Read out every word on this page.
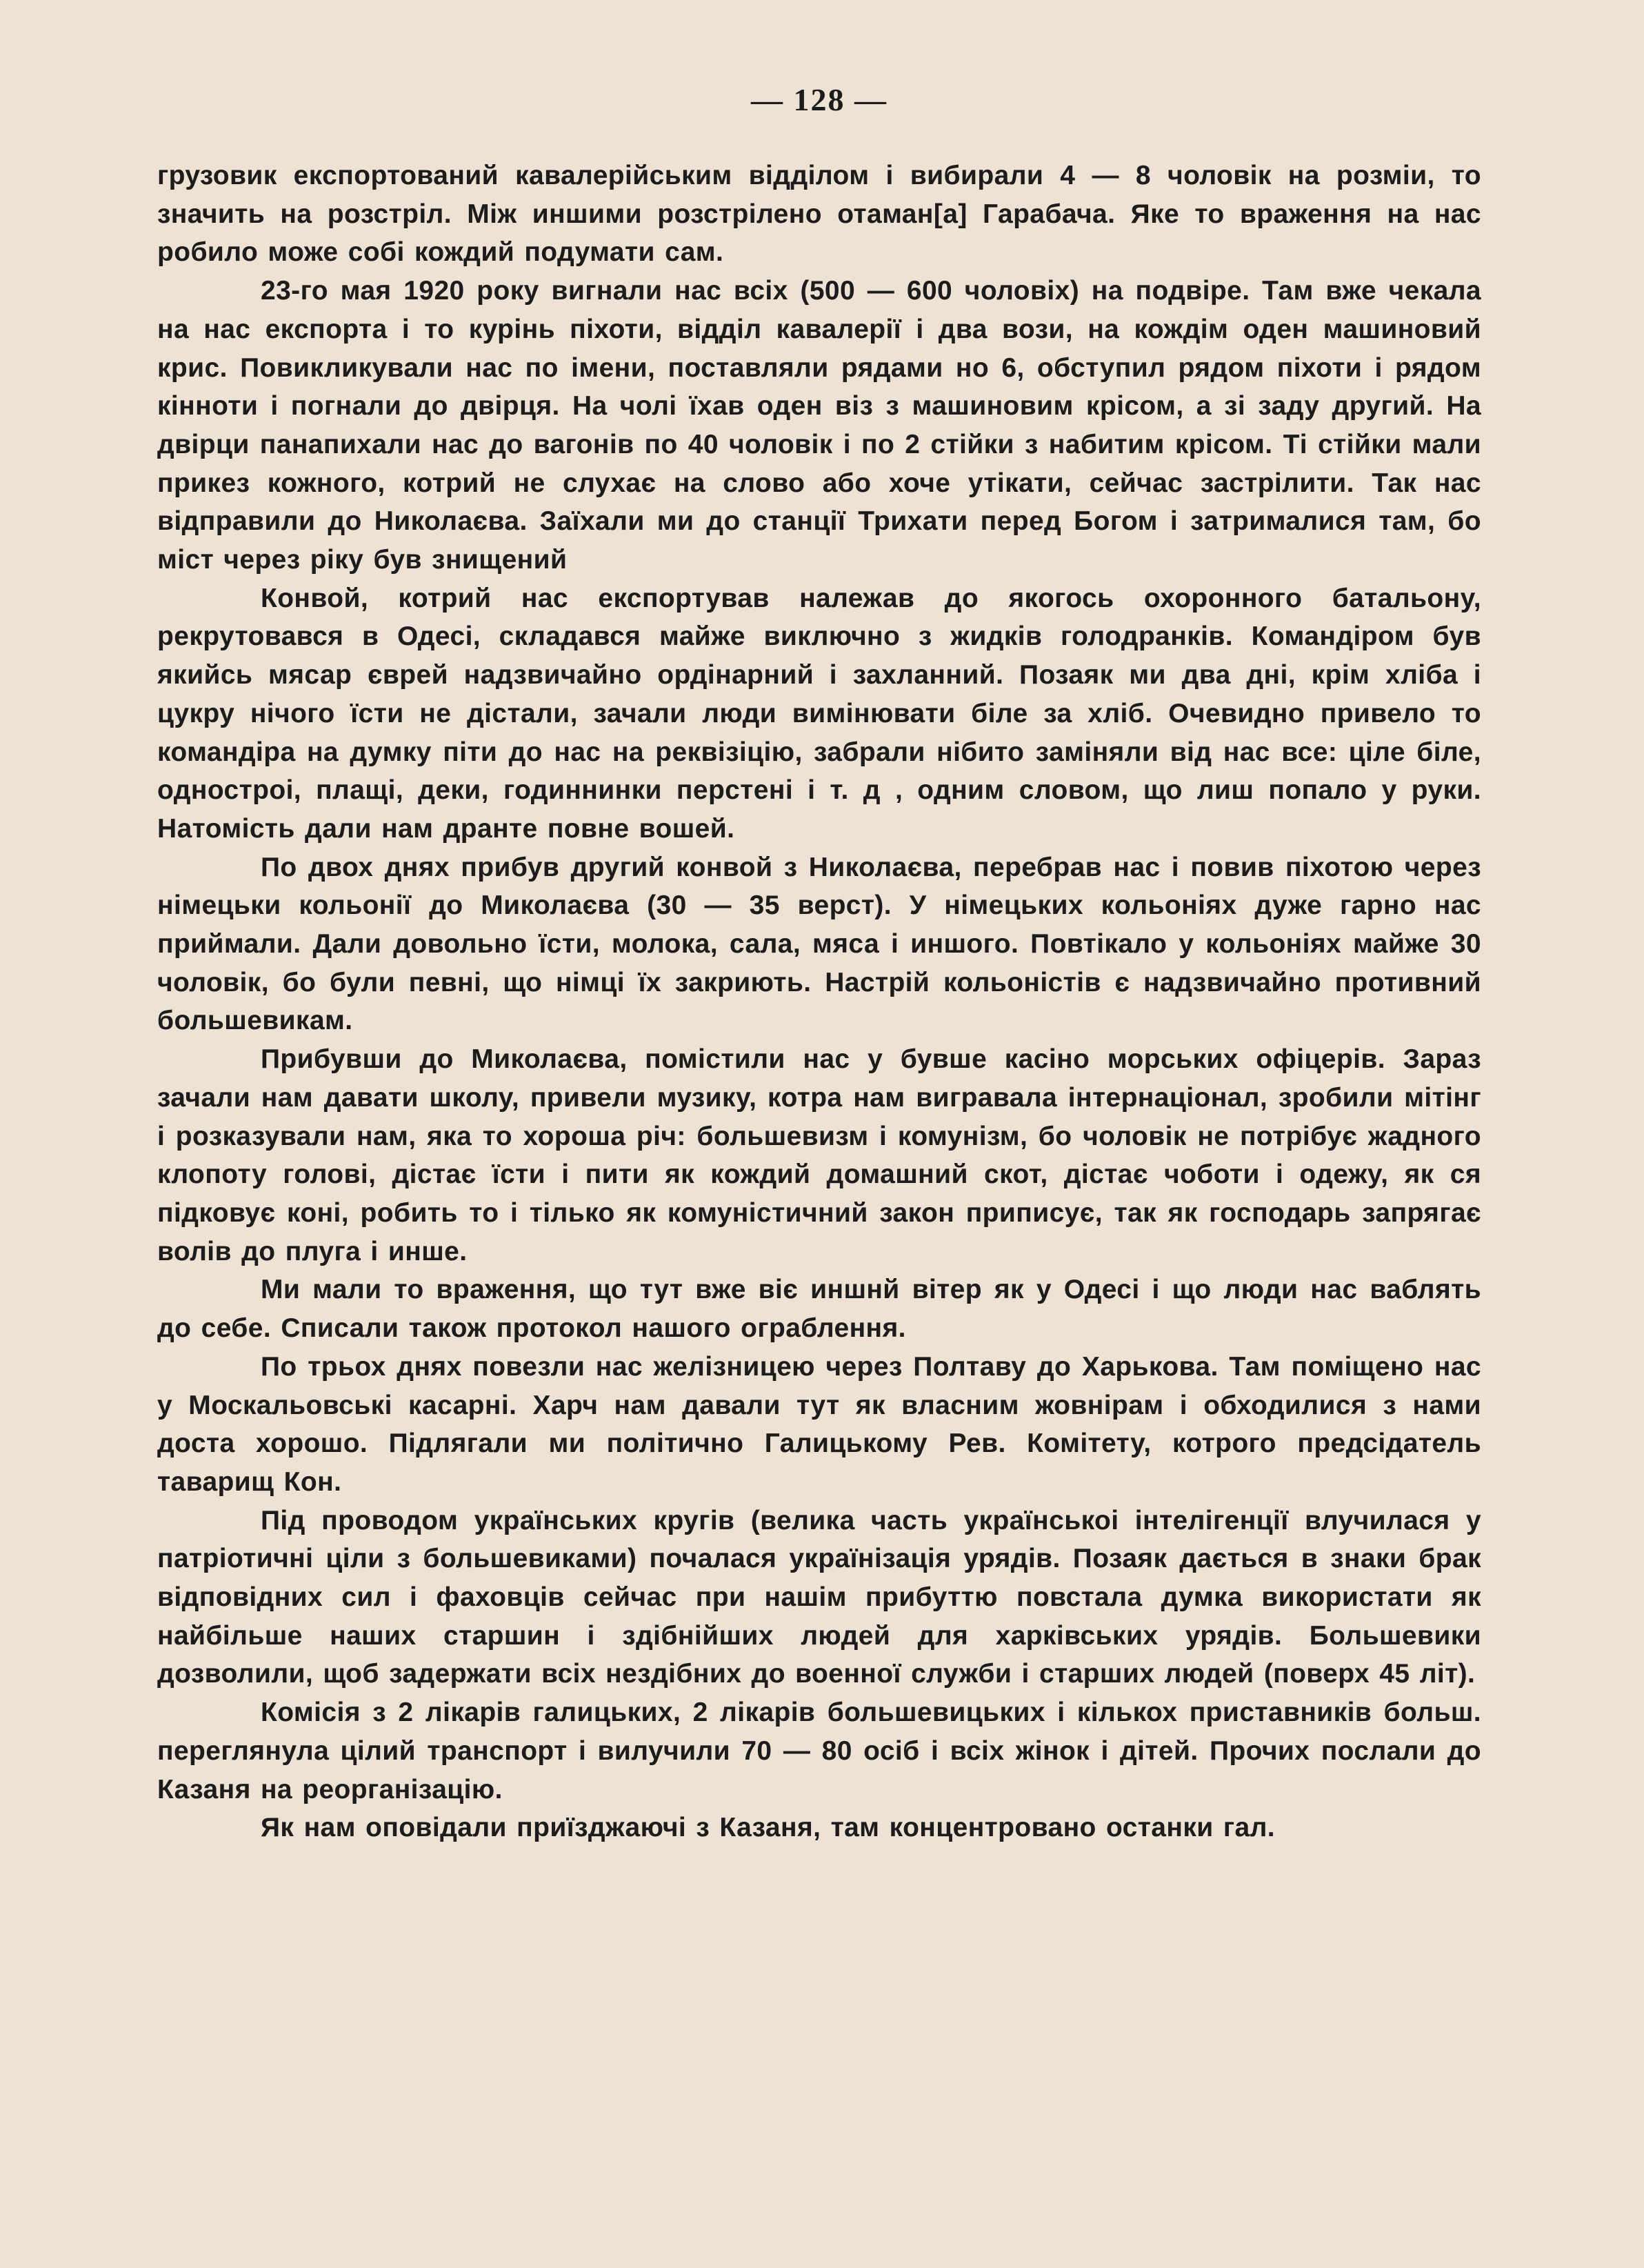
— 128 —

грузовик експортований кавалерійським відділом і вибирали 4 — 8 чоловік на розміи, то значить на розстріл. Між иншими розстрілено отаман[а] Гарабача. Яке то враження на нас робило може собі кождий подумати сам.

23-го мая 1920 року вигнали нас всіх (500 — 600 чоловіх) на подвіре. Там вже чекала на нас експорта і то курінь піхоти, відділ кавалерії і два вози, на кождім оден машиновий крис. Повикликували нас по імени, поставляли рядами но 6, обступил рядом піхоти і рядом кінноти і погнали до двірця. На чолі їхав оден віз з машиновим крісом, а зі заду другий. На двірци панапихали нас до вагонів по 40 чоловік і по 2 стійки з набитим крісом. Ті стійки мали прикез кожного, котрий не слухає на слово або хоче утікати, сейчас застрілити. Так нас відправили до Николаєва. Заїхали ми до станції Трихати перед Богом і затрималися там, бо міст через ріку був знищений

Конвой, котрий нас експортував належав до якогось охоронного батальону, рекрутовався в Одесі, складався майже виключно з жидків голодранків. Командіром був якийсь мясар єврей надзвичайно ордінарний і захланний. Позаяк ми два дні, крім хліба і цукру нічого їсти не дістали, зачали люди вимінювати біле за хліб. Очевидно привело то командіра на думку піти до нас на реквізіцію, забрали нібито заміняли від нас все: ціле біле, одностроі, плащі, деки, годиннинки перстені і т. д , одним словом, що лиш попало у руки. Натомість дали нам дранте повне вошей.

По двох днях прибув другий конвой з Николаєва, перебрав нас і повив піхотою через німецьки кольонії до Миколаєва (30 — 35 верст). У німецьких кольоніях дуже гарно нас приймали. Дали довольно їсти, молока, сала, мяса і иншого. Повтікало у кольоніях майже 30 чоловік, бо були певні, що німці їх закриють. Настрій кольоністів є надзвичайно противний большевикам.

Прибувши до Миколаєва, помістили нас у бувше касіно морських офіцерів. Зараз зачали нам давати школу, привели музику, котра нам вигравала інтернаціонал, зробили мітінг і розказували нам, яка то хороша річ: большевизм і комунізм, бо чоловік не потрібує жадного клопоту голові, дістає їсти і пити як кождий домашний скот, дістає чоботи і одежу, як ся підковує коні, робить то і тілько як комуністичний закон приписує, так як господарь запрягає волів до плуга і инше.

Ми мали то враження, що тут вже віє иншнй вітер як у Одесі і що люди нас ваблять до себе. Списали також протокол нашого ограблення.

По трьох днях повезли нас желізницею через Полтаву до Харькова. Там поміщено нас у Москальовські касарні. Харч нам давали тут як власним жовнірам і обходилися з нами доста хорошо. Підлягали ми політично Галицькому Рев. Комітету, котрого предсідатель таварищ Кон.

Під проводом українських кругів (велика часть українськоі інтелігенції влучилася у патріотичні ціли з большевиками) почалася українізація урядів. Позаяк дається в знаки брак відповідних сил і фаховців сейчас при нашім прибуттю повстала думка використати як найбільше наших старшин і здібнійших людей для харківських урядів. Большевики дозволили, щоб задержати всіх нездібних до военної служби і старших людей (поверх 45 літ).

Комісія з 2 лікарів галицьких, 2 лікарів большевицьких і кількох приставників больш. переглянула цілий транспорт і вилучили 70 — 80 осіб і всіх жінок і дітей. Прочих послали до Казаня на реорганізацію.

Як нам оповідали приїзджаючі з Казаня, там концентровано останки гал.
